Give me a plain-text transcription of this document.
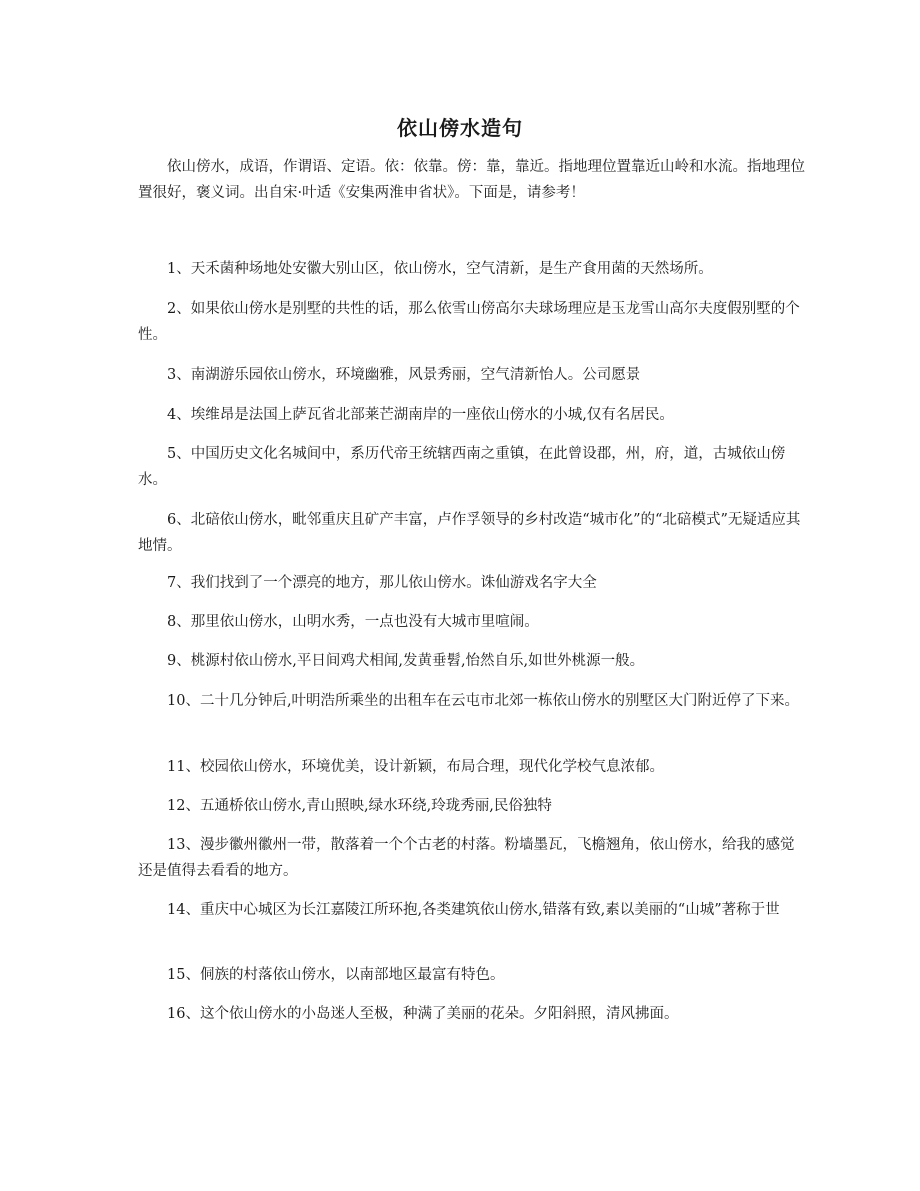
依山傍水造句

依山傍水，成语，作谓语、定语。依：依靠。傍：靠，靠近。指地理位置靠近山岭和水流。指地理位置很好，褒义词。出自宋·叶适《安集两淮申省状》。下面是，请参考！

1、天禾菌种场地处安徽大别山区，依山傍水，空气清新，是生产食用菌的天然场所。

2、如果依山傍水是别墅的共性的话，那么依雪山傍高尔夫球场理应是玉龙雪山高尔夫度假别墅的个性。

3、南湖游乐园依山傍水，环境幽雅，风景秀丽，空气清新怡人。公司愿景

4、埃维昂是法国上萨瓦省北部莱芒湖南岸的一座依山傍水的小城,仅有名居民。

5、中国历史文化名城间中，系历代帝王统辖西南之重镇，在此曾设郡，州，府，道，古城依山傍水。

6、北碚依山傍水，毗邻重庆且矿产丰富，卢作孚领导的乡村改造“城市化”的“北碚模式”无疑适应其地情。

7、我们找到了一个漂亮的地方，那儿依山傍水。诛仙游戏名字大全

8、那里依山傍水，山明水秀，一点也没有大城市里喧闹。

9、桃源村依山傍水,平日间鸡犬相闻,发黄垂髫,怡然自乐,如世外桃源一般。

10、二十几分钟后,叶明浩所乘坐的出租车在云屯市北郊一栋依山傍水的别墅区大门附近停了下来。

11、校园依山傍水，环境优美，设计新颖，布局合理，现代化学校气息浓郁。

12、五通桥依山傍水,青山照映,绿水环绕,玲珑秀丽,民俗独特

13、漫步徽州徽州一带，散落着一个个古老的村落。粉墙墨瓦，飞檐翘角，依山傍水，给我的感觉还是值得去看看的地方。

14、重庆中心城区为长江嘉陵江所环抱,各类建筑依山傍水,错落有致,素以美丽的“山城”著称于世

15、侗族的村落依山傍水，以南部地区最富有特色。

16、这个依山傍水的小岛迷人至极，种满了美丽的花朵。夕阳斜照，清风拂面。
